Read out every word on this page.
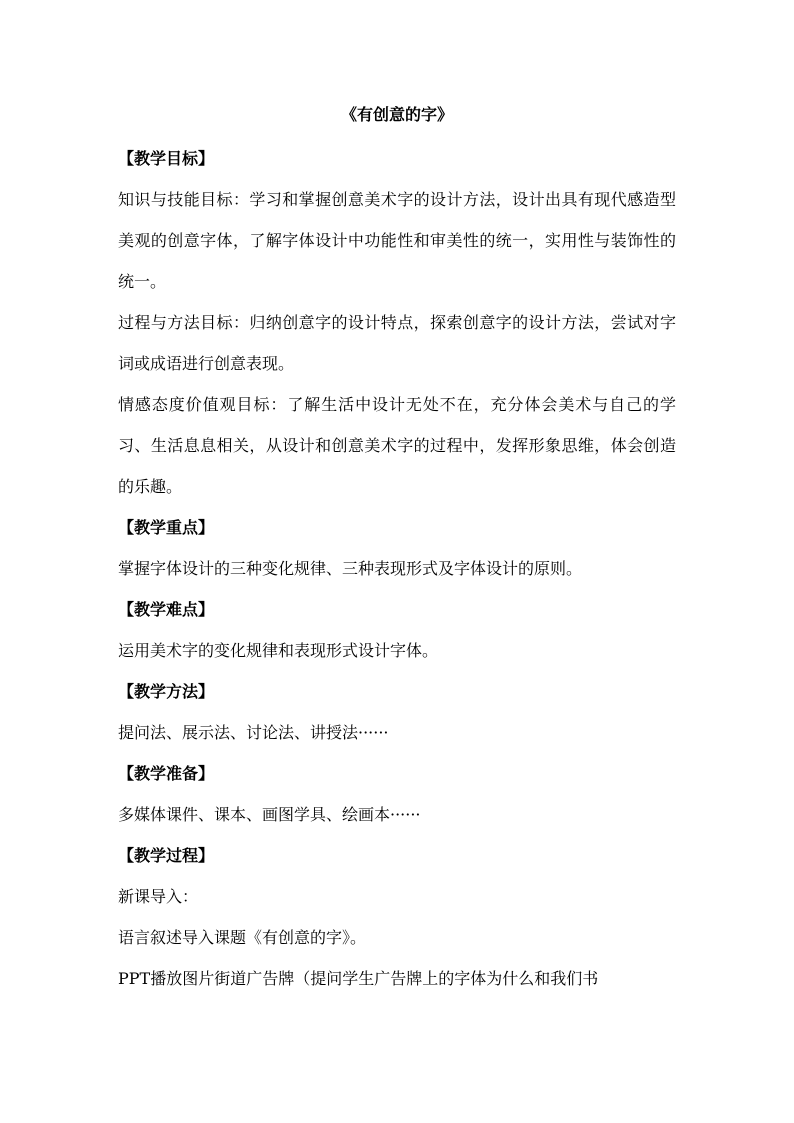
《有创意的字》
【教学目标】
知识与技能目标：学习和掌握创意美术字的设计方法，设计出具有现代感造型美观的创意字体，了解字体设计中功能性和审美性的统一，实用性与装饰性的统一。
过程与方法目标：归纳创意字的设计特点，探索创意字的设计方法，尝试对字词或成语进行创意表现。
情感态度价值观目标：了解生活中设计无处不在，充分体会美术与自己的学习、生活息息相关，从设计和创意美术字的过程中，发挥形象思维，体会创造的乐趣。
【教学重点】
掌握字体设计的三种变化规律、三种表现形式及字体设计的原则。
【教学难点】
运用美术字的变化规律和表现形式设计字体。
【教学方法】
提问法、展示法、讨论法、讲授法······
【教学准备】
多媒体课件、课本、画图学具、绘画本······
【教学过程】
新课导入：
语言叙述导入课题《有创意的字》。
PPT播放图片街道广告牌（提问学生广告牌上的字体为什么和我们书
